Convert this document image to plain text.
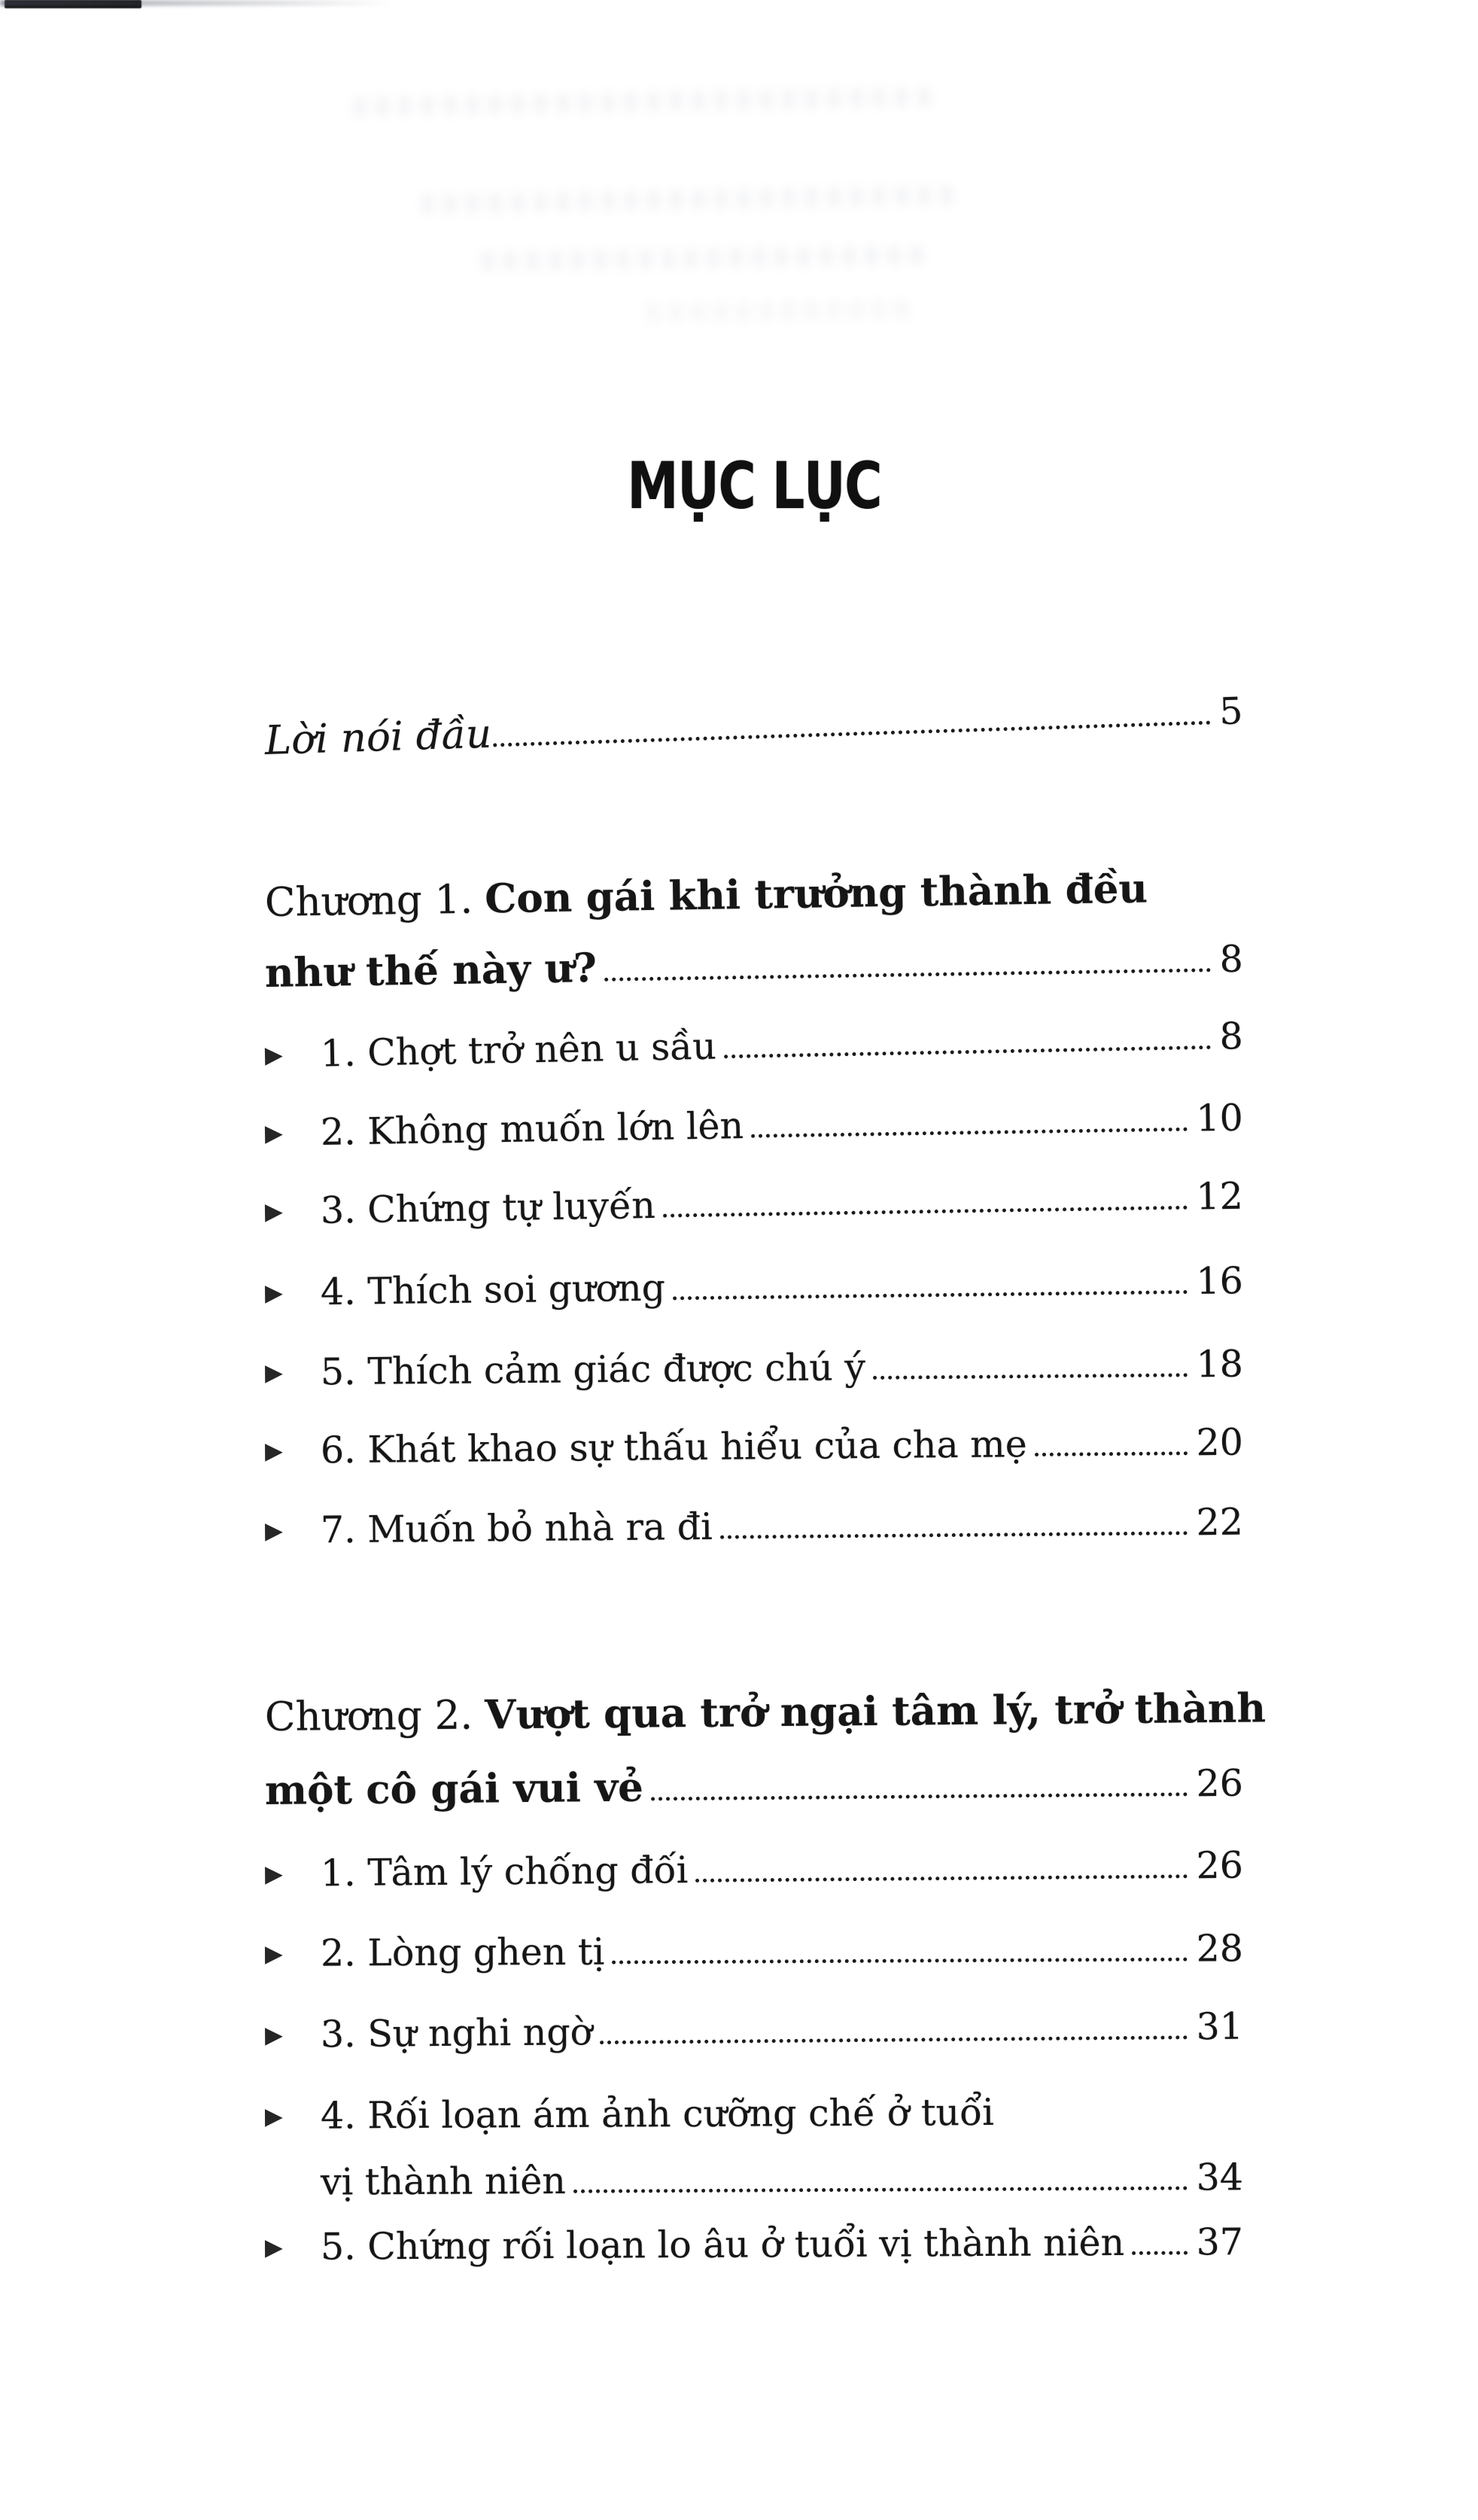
MỤC LỤC
Lời nói đầu	5
Chương 1. Con gái khi trưởng thành đều
như thế này ư?	8
▶	1. Chợt trở nên u sầu	8
▶	2. Không muốn lớn lên	10
▶	3. Chứng tự luyến	12
▶	4. Thích soi gương	16
▶	5. Thích cảm giác được chú ý	18
▶	6. Khát khao sự thấu hiểu của cha mẹ	20
▶	7. Muốn bỏ nhà ra đi	22
Chương 2. Vượt qua trở ngại tâm lý, trở thành
một cô gái vui vẻ	26
▶	1. Tâm lý chống đối	26
▶	2. Lòng ghen tị	28
▶	3. Sự nghi ngờ	31
▶	4. Rối loạn ám ảnh cưỡng chế ở tuổi
vị thành niên	34
▶	5. Chứng rối loạn lo âu ở tuổi vị thành niên 37
